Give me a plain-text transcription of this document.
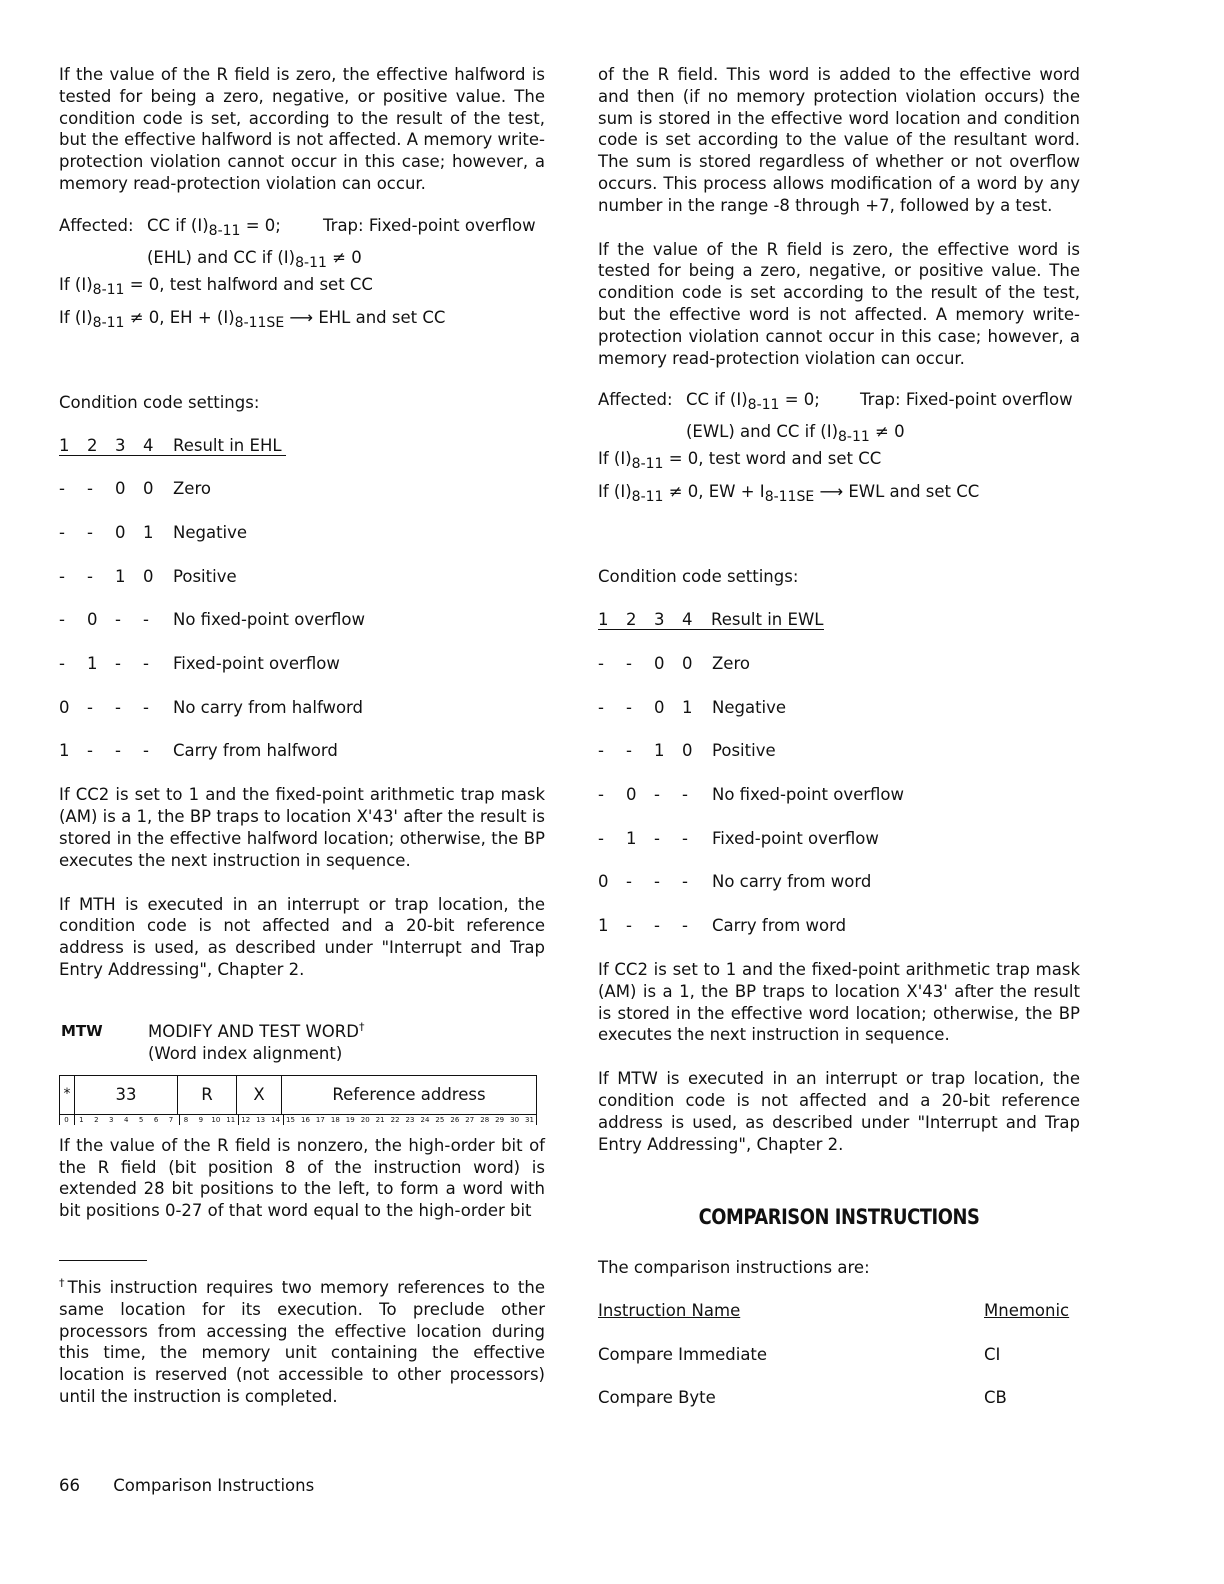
If the value of the R field is zero, the effective halfword is tested for being a zero, negative, or positive value. The condition code is set, according to the result of the test, but the effective halfword is not affected. A memory write-protection violation cannot occur in this case; however, a memory read-protection violation can occur.

Affected: CC if $(I)_{8-11} = 0$;	Trap: Fixed-point overflow
(EHL) and CC if $(I)_{8-11} \ne 0$
If $(I)_{8-11} = 0$, test halfword and set CC
If $(I)_{8-11} \ne 0$, EH + $(I)_{8-11SE}$ ⟶ EHL and set CC

Condition code settings:

1 2 3 4 Result in EHL
- - 0 0 Zero
- - 0 1 Negative
- - 1 0 Positive
- 0 - - No fixed-point overflow
- 1 - - Fixed-point overflow
0 - - - No carry from halfword
1 - - - Carry from halfword

If CC2 is set to 1 and the fixed-point arithmetic trap mask (AM) is a 1, the BP traps to location X'43' after the result is stored in the effective halfword location; otherwise, the BP executes the next instruction in sequence.

If MTH is executed in an interrupt or trap location, the condition code is not affected and a 20-bit reference address is used, as described under "Interrupt and Trap Entry Addressing", Chapter 2.

MTW	MODIFY AND TEST WORD†
(Word index alignment)
*	33	R	X	Reference address
0	1	2	3	4	5	6	7	8	9	10 11 12 13 14 15 16 17 18 19 20 21 22 23 24 25 26 27 28 29 30 31

If the value of the R field is nonzero, the high-order bit of the R field (bit position 8 of the instruction word) is extended 28 bit positions to the left, to form a word with bit positions 0-27 of that word equal to the high-order bit

†This instruction requires two memory references to the same location for its execution. To preclude other processors from accessing the effective location during this time, the memory unit containing the effective location is reserved (not accessible to other processors) until the instruction is completed.

of the R field. This word is added to the effective word and then (if no memory protection violation occurs) the sum is stored in the effective word location and condition code is set according to the value of the resultant word. The sum is stored regardless of whether or not overflow occurs. This process allows modification of a word by any number in the range -8 through +7, followed by a test.

If the value of the R field is zero, the effective word is tested for being a zero, negative, or positive value. The condition code is set according to the result of the test, but the effective word is not affected. A memory write-protection violation cannot occur in this case; however, a memory read-protection violation can occur.

Affected: CC if $(I)_{8-11} = 0$; Trap: Fixed-point overflow
(EWL) and CC if $(I)_{8-11} \ne 0$
If $(I)_{8-11} = 0$, test word and set CC
If $(I)_{8-11} \ne 0$, EW + $I_{8-11SE}$ ⟶ EWL and set CC

Condition code settings:

1 2 3 4 Result in EWL
- - 0 0 Zero
- - 0 1 Negative
- - 1 0 Positive
- 0 - - No fixed-point overflow
- 1 - - Fixed-point overflow
0 - - - No carry from word
1 - - - Carry from word

If CC2 is set to 1 and the fixed-point arithmetic trap mask (AM) is a 1, the BP traps to location X'43' after the result is stored in the effective word location; otherwise, the BP executes the next instruction in sequence.

If MTW is executed in an interrupt or trap location, the condition code is not affected and a 20-bit reference address is used, as described under "Interrupt and Trap Entry Addressing", Chapter 2.

COMPARISON INSTRUCTIONS

The comparison instructions are:

Instruction Name	Mnemonic
Compare Immediate	CI
Compare Byte	CB
66 Comparison Instructions
